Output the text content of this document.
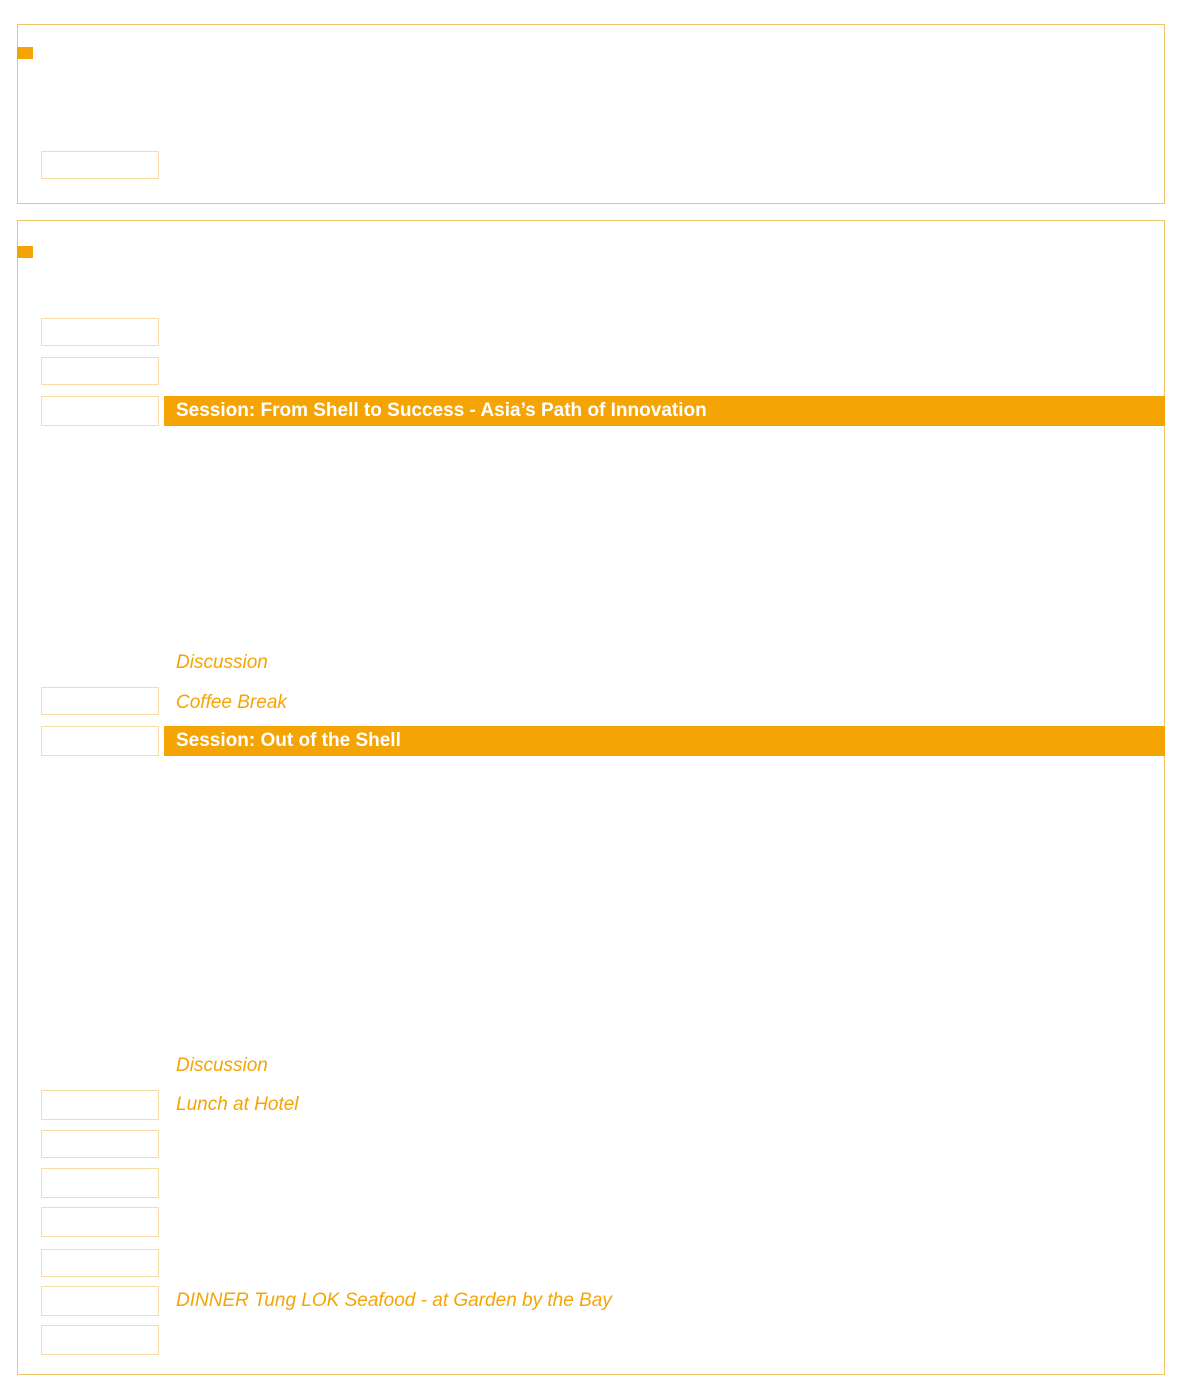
Session: From Shell to Success - Asia’s Path of Innovation
Discussion
Coffee Break
Session: Out of the Shell
Discussion
Lunch at Hotel
DINNER Tung LOK Seafood - at Garden by the Bay
